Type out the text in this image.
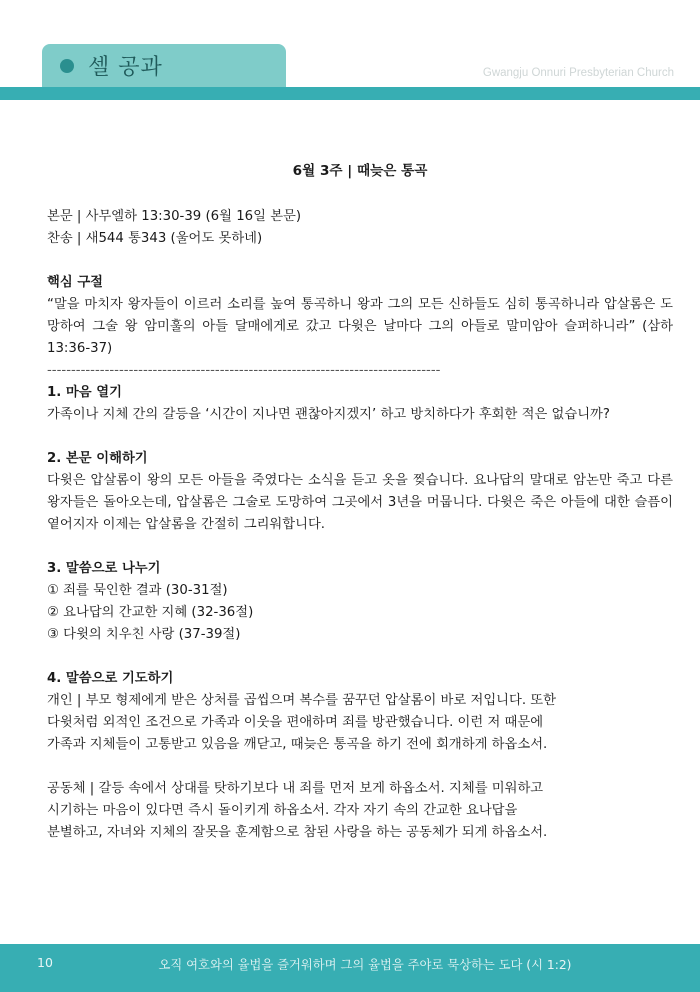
셀 공과	Gwangju Onnuri Presbyterian Church
6월 3주 | 때늦은 통곡
본문 | 사무엘하 13:30-39 (6월 16일 본문)
찬송 | 새544 통343 (울어도 못하네)
핵심 구절
“말을 마치자 왕자들이 이르러 소리를 높여 통곡하니 왕과 그의 모든 신하들도 심히 통곡하니라 압살롬은 도망하여 그술 왕 암미훌의 아들 달매에게로 갔고 다윗은 날마다 그의 아들로 말미암아 슬퍼하니라” (삼하 13:36-37)
----------------------------------------------------------------------------------
1. 마음 열기
가족이나 지체 간의 갈등을 ‘시간이 지나면 괜찮아지겠지’ 하고 방치하다가 후회한 적은 없습니까?
2. 본문 이해하기
다윗은 압살롬이 왕의 모든 아들을 죽였다는 소식을 듣고 옷을 찢습니다. 요나답의 말대로 암논만 죽고 다른 왕자들은 돌아오는데, 압살롬은 그술로 도망하여 그곳에서 3년을 머뭅니다. 다윗은 죽은 아들에 대한 슬픔이 옅어지자 이제는 압살롬을 간절히 그리워합니다.
3. 말씀으로 나누기
① 죄를 묵인한 결과 (30-31절)
② 요나답의 간교한 지혜 (32-36절)
③ 다윗의 치우친 사랑 (37-39절)
4. 말씀으로 기도하기
개인 | 부모 형제에게 받은 상처를 곱씹으며 복수를 꿈꾸던 압살롬이 바로 저입니다. 또한
다윗처럼 외적인 조건으로 가족과 이웃을 편애하며 죄를 방관했습니다. 이런 저 때문에
가족과 지체들이 고통받고 있음을 깨닫고, 때늦은 통곡을 하기 전에 회개하게 하옵소서.
공동체 | 갈등 속에서 상대를 탓하기보다 내 죄를 먼저 보게 하옵소서. 지체를 미워하고
시기하는 마음이 있다면 즉시 돌이키게 하옵소서. 각자 자기 속의 간교한 요나답을
분별하고, 자녀와 지체의 잘못을 훈계함으로 참된 사랑을 하는 공동체가 되게 하옵소서.
10	오직 여호와의 율법을 즐거워하며 그의 율법을 주야로 묵상하는 도다 (시 1:2)
